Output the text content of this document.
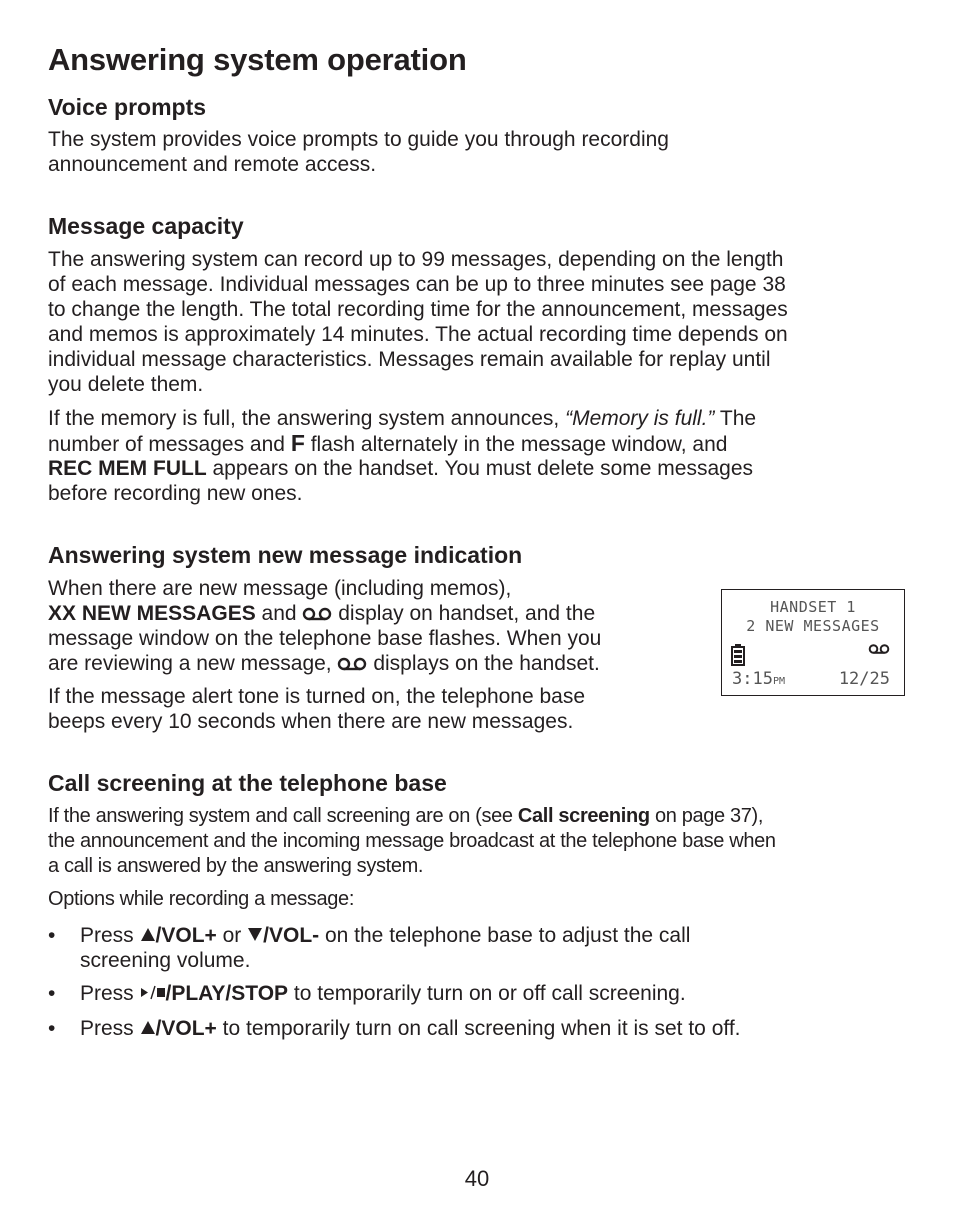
Answering system operation
Voice prompts

The system provides voice prompts to guide you through recording

announcement and remote access.

Message capacity

The answering system can record up to 99 messages, depending on the length

of each message. Individual messages can be up to three minutes see page 38

to change the length. The total recording time for the announcement, messages

and memos is approximately 14 minutes. The actual recording time depends on

individual message characteristics. Messages remain available for replay until

you delete them.

If the memory is full, the answering system announces, “Memory is full.” The

number of messages and F flash alternately in the message window, and

REC MEM FULL appears on the handset. You must delete some messages

before recording new ones.

Answering system new message indication

When there are new message (including memos),

XX NEW MESSAGES and  display on handset, and the

message window on the telephone base flashes. When you

are reviewing a new message,  displays on the handset.

If the message alert tone is turned on, the telephone base

beeps every 10 seconds when there are new messages.

Call screening at the telephone base

If the answering system and call screening are on (see Call screening on page 37),

the announcement and the incoming message broadcast at the telephone base when

a call is answered by the answering system.

Options while recording a message:

• Press /VOL+ or /VOL- on the telephone base to adjust the call
screening volume.
• Press /PLAY/STOP to temporarily turn on or off call screening.
• Press /VOL+ to temporarily turn on call screening when it is set to off.
HANDSET 1
2 NEW MESSAGES
3:15PM	12/25
40
